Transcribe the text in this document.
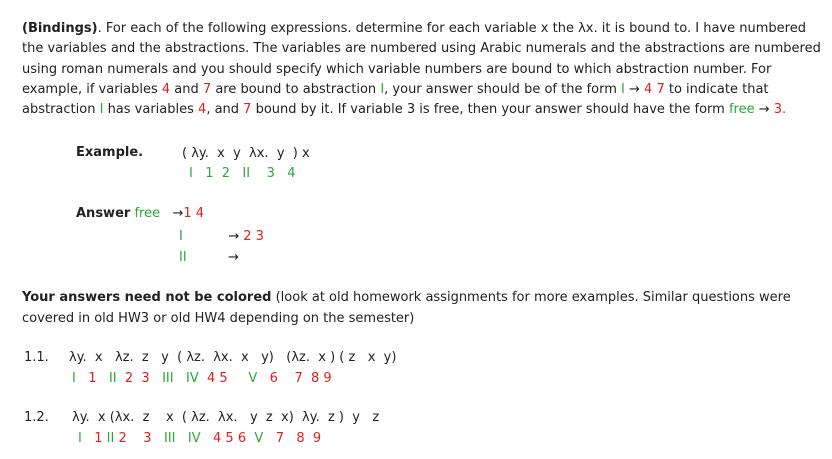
(Bindings). For each of the following expressions. determine for each variable x the λx. it is bound to. I have numbered the variables and the abstractions. The variables are numbered using Arabic numerals and the abstractions are numbered using roman numerals and you should specify which variable numbers are bound to which abstraction number. For example, if variables 4 and 7 are bound to abstraction I, your answer should be of the form I → 4 7 to indicate that abstraction I has variables 4, and 7 bound by it. If variable 3 is free, then your answer should have the form free → 3.
Example.	( λy.  x  y  λx.  y  ) x
I   1  2   II    3   4
Answer free →1 4
I	→ 2 3
II	→
Your answers need not be colored (look at old homework assignments for more examples. Similar questions were
covered in old HW3 or old HW4 depending on the semester)
1.1. λy.  x   λz.  z   y  ( λz.  λx.  x   y)   (λz.  x ) ( z   x  y)
I 1 II 2  3 III   IV 4 5 V 6 7  8 9
1.2. λy.  x (λx.  z    x  ( λz.  λx.   y  z  x)  λy.  z )  y   z
I 1 II 2 3 III   IV 4 5 6 V 7 8  9
